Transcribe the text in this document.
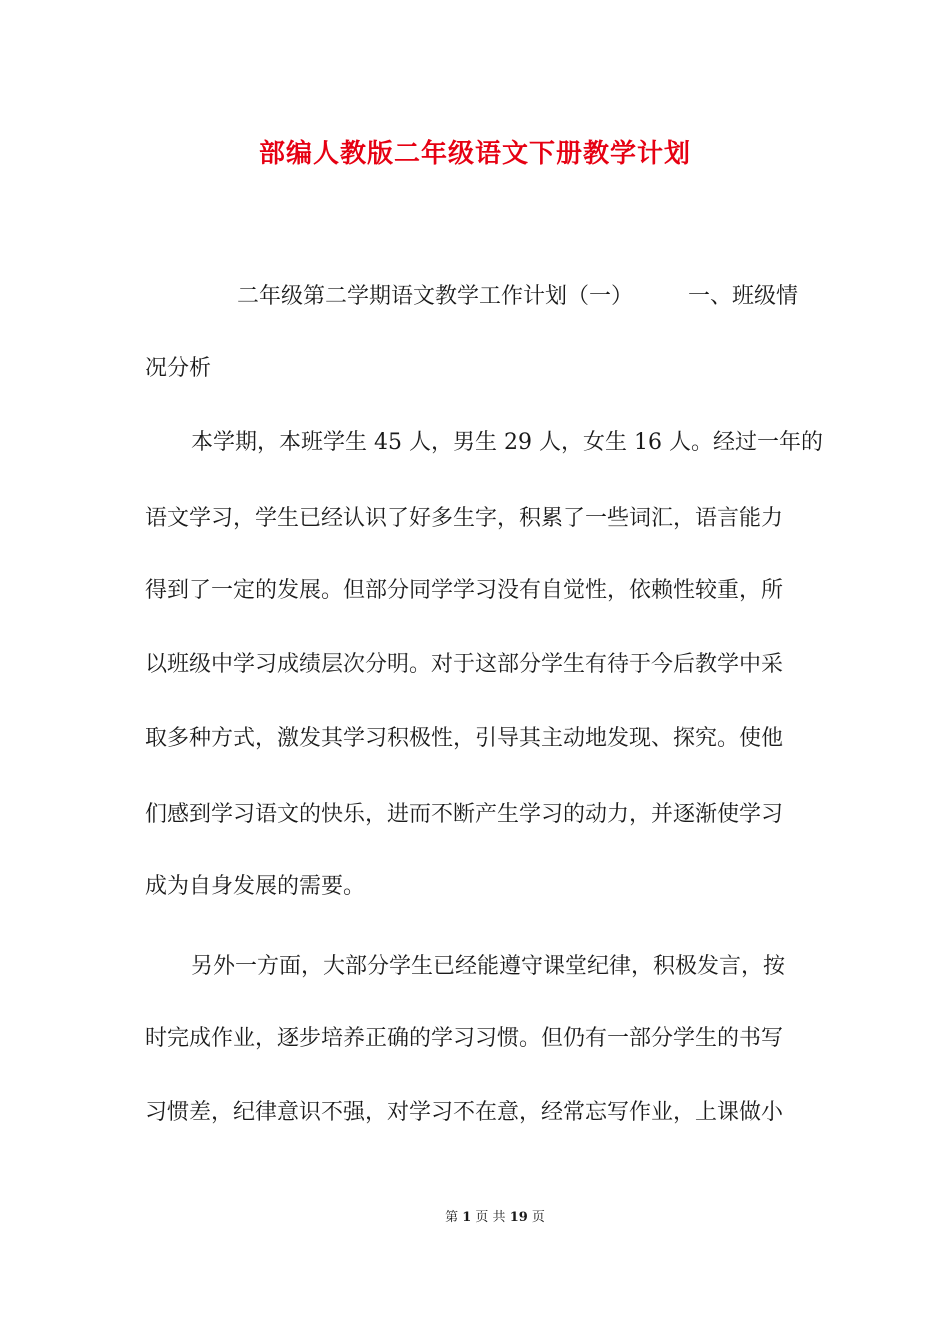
部编人教版二年级语文下册教学计划

二年级第二学期语文教学工作计划（一）　　　一、班级情

况分析

本学期，本班学生 45 人，男生 29 人，女生 16 人。经过一年的

语文学习，学生已经认识了好多生字，积累了一些词汇，语言能力

得到了一定的发展。但部分同学学习没有自觉性，依赖性较重，所

以班级中学习成绩层次分明。对于这部分学生有待于今后教学中采

取多种方式，激发其学习积极性，引导其主动地发现、探究。使他

们感到学习语文的快乐，进而不断产生学习的动力，并逐渐使学习

成为自身发展的需要。

另外一方面，大部分学生已经能遵守课堂纪律，积极发言，按

时完成作业，逐步培养正确的学习习惯。但仍有一部分学生的书写

习惯差，纪律意识不强，对学习不在意，经常忘写作业，上课做小

第 1 页 共 19 页
